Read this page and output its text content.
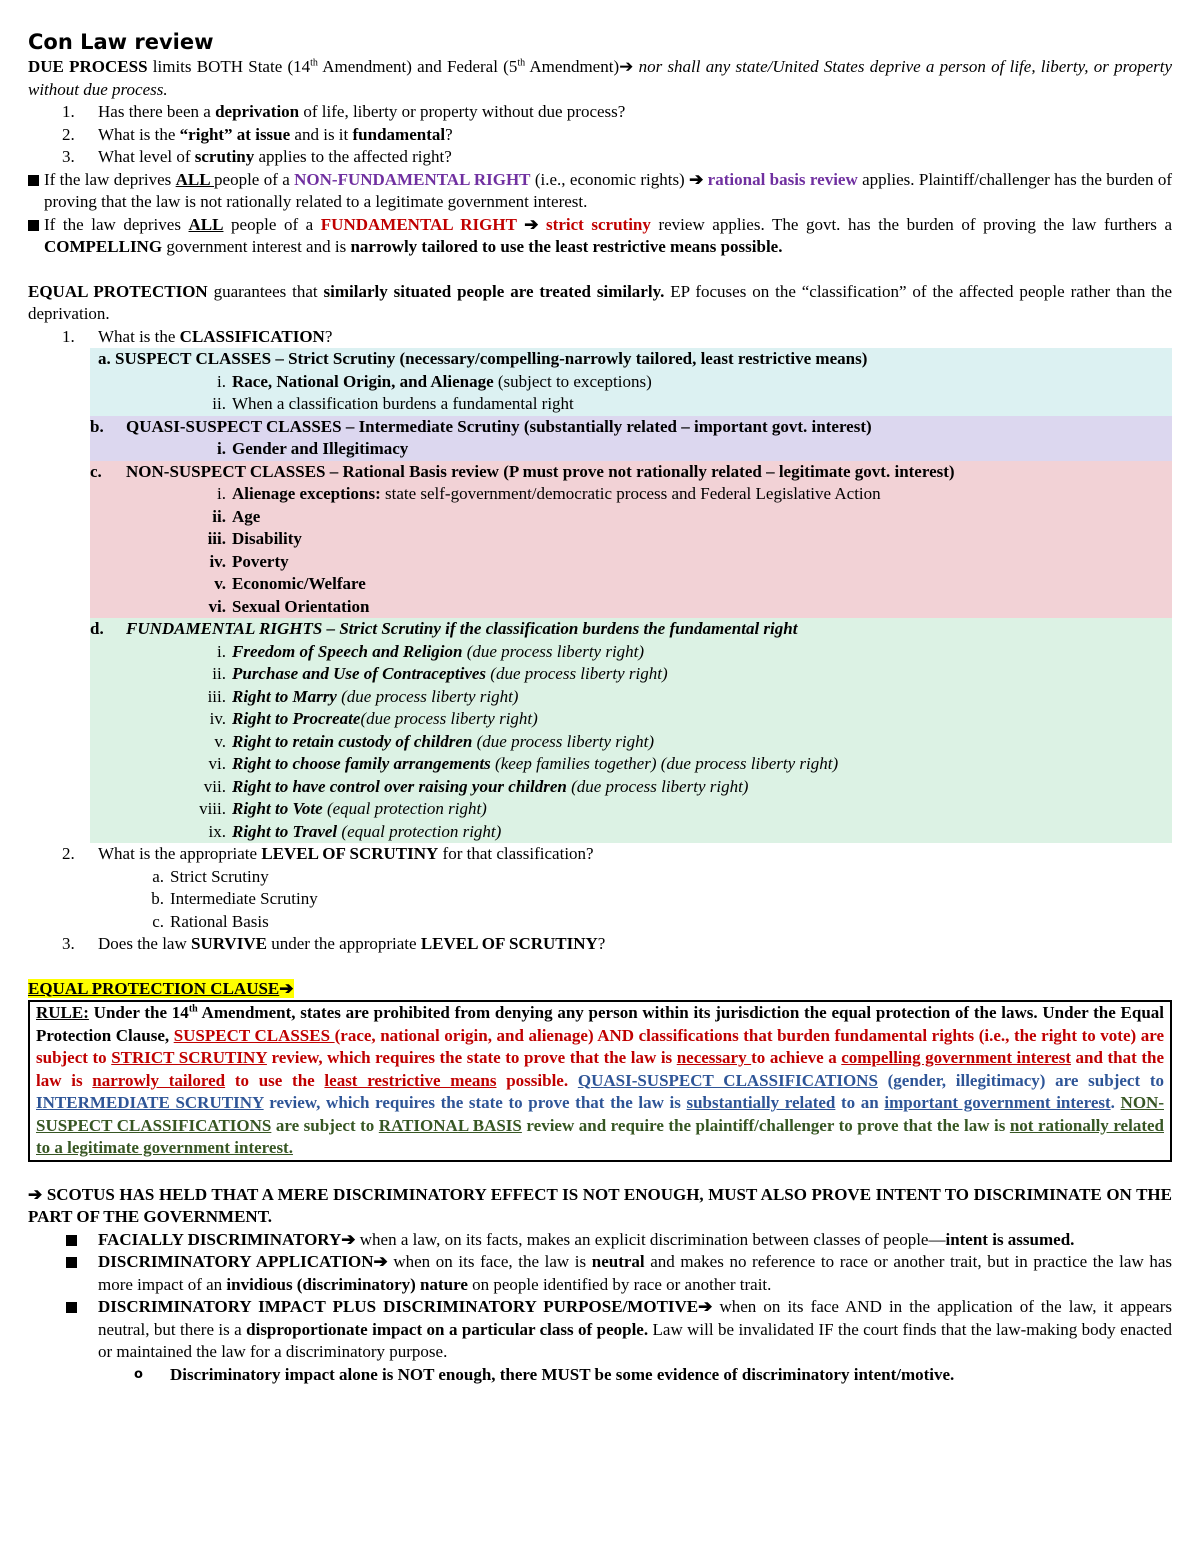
Con Law review

DUE PROCESS limits BOTH State (14th Amendment) and Federal (5th Amendment)➔ nor shall any state/United States deprive a person of life, liberty, or property without due process.

1.	Has there been a deprivation of life, liberty or property without due process?
2.	What is the “right” at issue and is it fundamental?
3.	What level of scrutiny applies to the affected right?
If the law deprives ALL people of a NON-FUNDAMENTAL RIGHT (i.e., economic rights) ➔ rational basis review applies. Plaintiff/challenger has the burden of proving that the law is not rationally related to a legitimate government interest.
If the law deprives ALL people of a FUNDAMENTAL RIGHT ➔ strict scrutiny review applies. The govt. has the burden of proving the law furthers a COMPELLING government interest and is narrowly tailored to use the least restrictive means possible.

EQUAL PROTECTION guarantees that similarly situated people are treated similarly. EP focuses on the “classification” of the affected people rather than the deprivation.

1.	What is the CLASSIFICATION?
a. SUSPECT CLASSES – Strict Scrutiny (necessary/compelling-narrowly tailored, least restrictive means)
i. Race, National Origin, and Alienage (subject to exceptions)
ii. When a classification burdens a fundamental right
b. QUASI-SUSPECT CLASSES – Intermediate Scrutiny (substantially related – important govt. interest)
i. Gender and Illegitimacy
c. NON-SUSPECT CLASSES – Rational Basis review (P must prove not rationally related – legitimate govt. interest)
i. Alienage exceptions: state self-government/democratic process and Federal Legislative Action
ii. Age
iii. Disability
iv. Poverty
v. Economic/Welfare
vi. Sexual Orientation
d. FUNDAMENTAL RIGHTS – Strict Scrutiny if the classification burdens the fundamental right
i. Freedom of Speech and Religion (due process liberty right)
ii. Purchase and Use of Contraceptives (due process liberty right)
iii. Right to Marry (due process liberty right)
iv. Right to Procreate(due process liberty right)
v. Right to retain custody of children (due process liberty right)
vi. Right to choose family arrangements (keep families together) (due process liberty right)
vii. Right to have control over raising your children (due process liberty right)
viii. Right to Vote (equal protection right)
ix. Right to Travel (equal protection right)
2.	What is the appropriate LEVEL OF SCRUTINY for that classification?
a. Strict Scrutiny
b. Intermediate Scrutiny
c. Rational Basis
3.	Does the law SURVIVE under the appropriate LEVEL OF SCRUTINY?
EQUAL PROTECTION CLAUSE➔
RULE: Under the 14th Amendment, states are prohibited from denying any person within its jurisdiction the equal protection of the laws. Under the Equal Protection Clause, SUSPECT CLASSES (race, national origin, and alienage) AND classifications that burden fundamental rights (i.e., the right to vote) are subject to STRICT SCRUTINY review, which requires the state to prove that the law is necessary to achieve a compelling government interest and that the law is narrowly tailored to use the least restrictive means possible. QUASI-SUSPECT CLASSIFICATIONS (gender, illegitimacy) are subject to INTERMEDIATE SCRUTINY review, which requires the state to prove that the law is substantially related to an important government interest. NON-SUSPECT CLASSIFICATIONS are subject to RATIONAL BASIS review and require the plaintiff/challenger to prove that the law is not rationally related to a legitimate government interest.

➔ SCOTUS HAS HELD THAT A MERE DISCRIMINATORY EFFECT IS NOT ENOUGH, MUST ALSO PROVE INTENT TO DISCRIMINATE ON THE PART OF THE GOVERNMENT.

FACIALLY DISCRIMINATORY➔ when a law, on its facts, makes an explicit discrimination between classes of people—intent is assumed.
DISCRIMINATORY APPLICATION➔ when on its face, the law is neutral and makes no reference to race or another trait, but in practice the law has more impact of an invidious (discriminatory) nature on people identified by race or another trait.
DISCRIMINATORY IMPACT PLUS DISCRIMINATORY PURPOSE/MOTIVE➔ when on its face AND in the application of the law, it appears neutral, but there is a disproportionate impact on a particular class of people. Law will be invalidated IF the court finds that the law-making body enacted or maintained the law for a discriminatory purpose.
o Discriminatory impact alone is NOT enough, there MUST be some evidence of discriminatory intent/motive.
